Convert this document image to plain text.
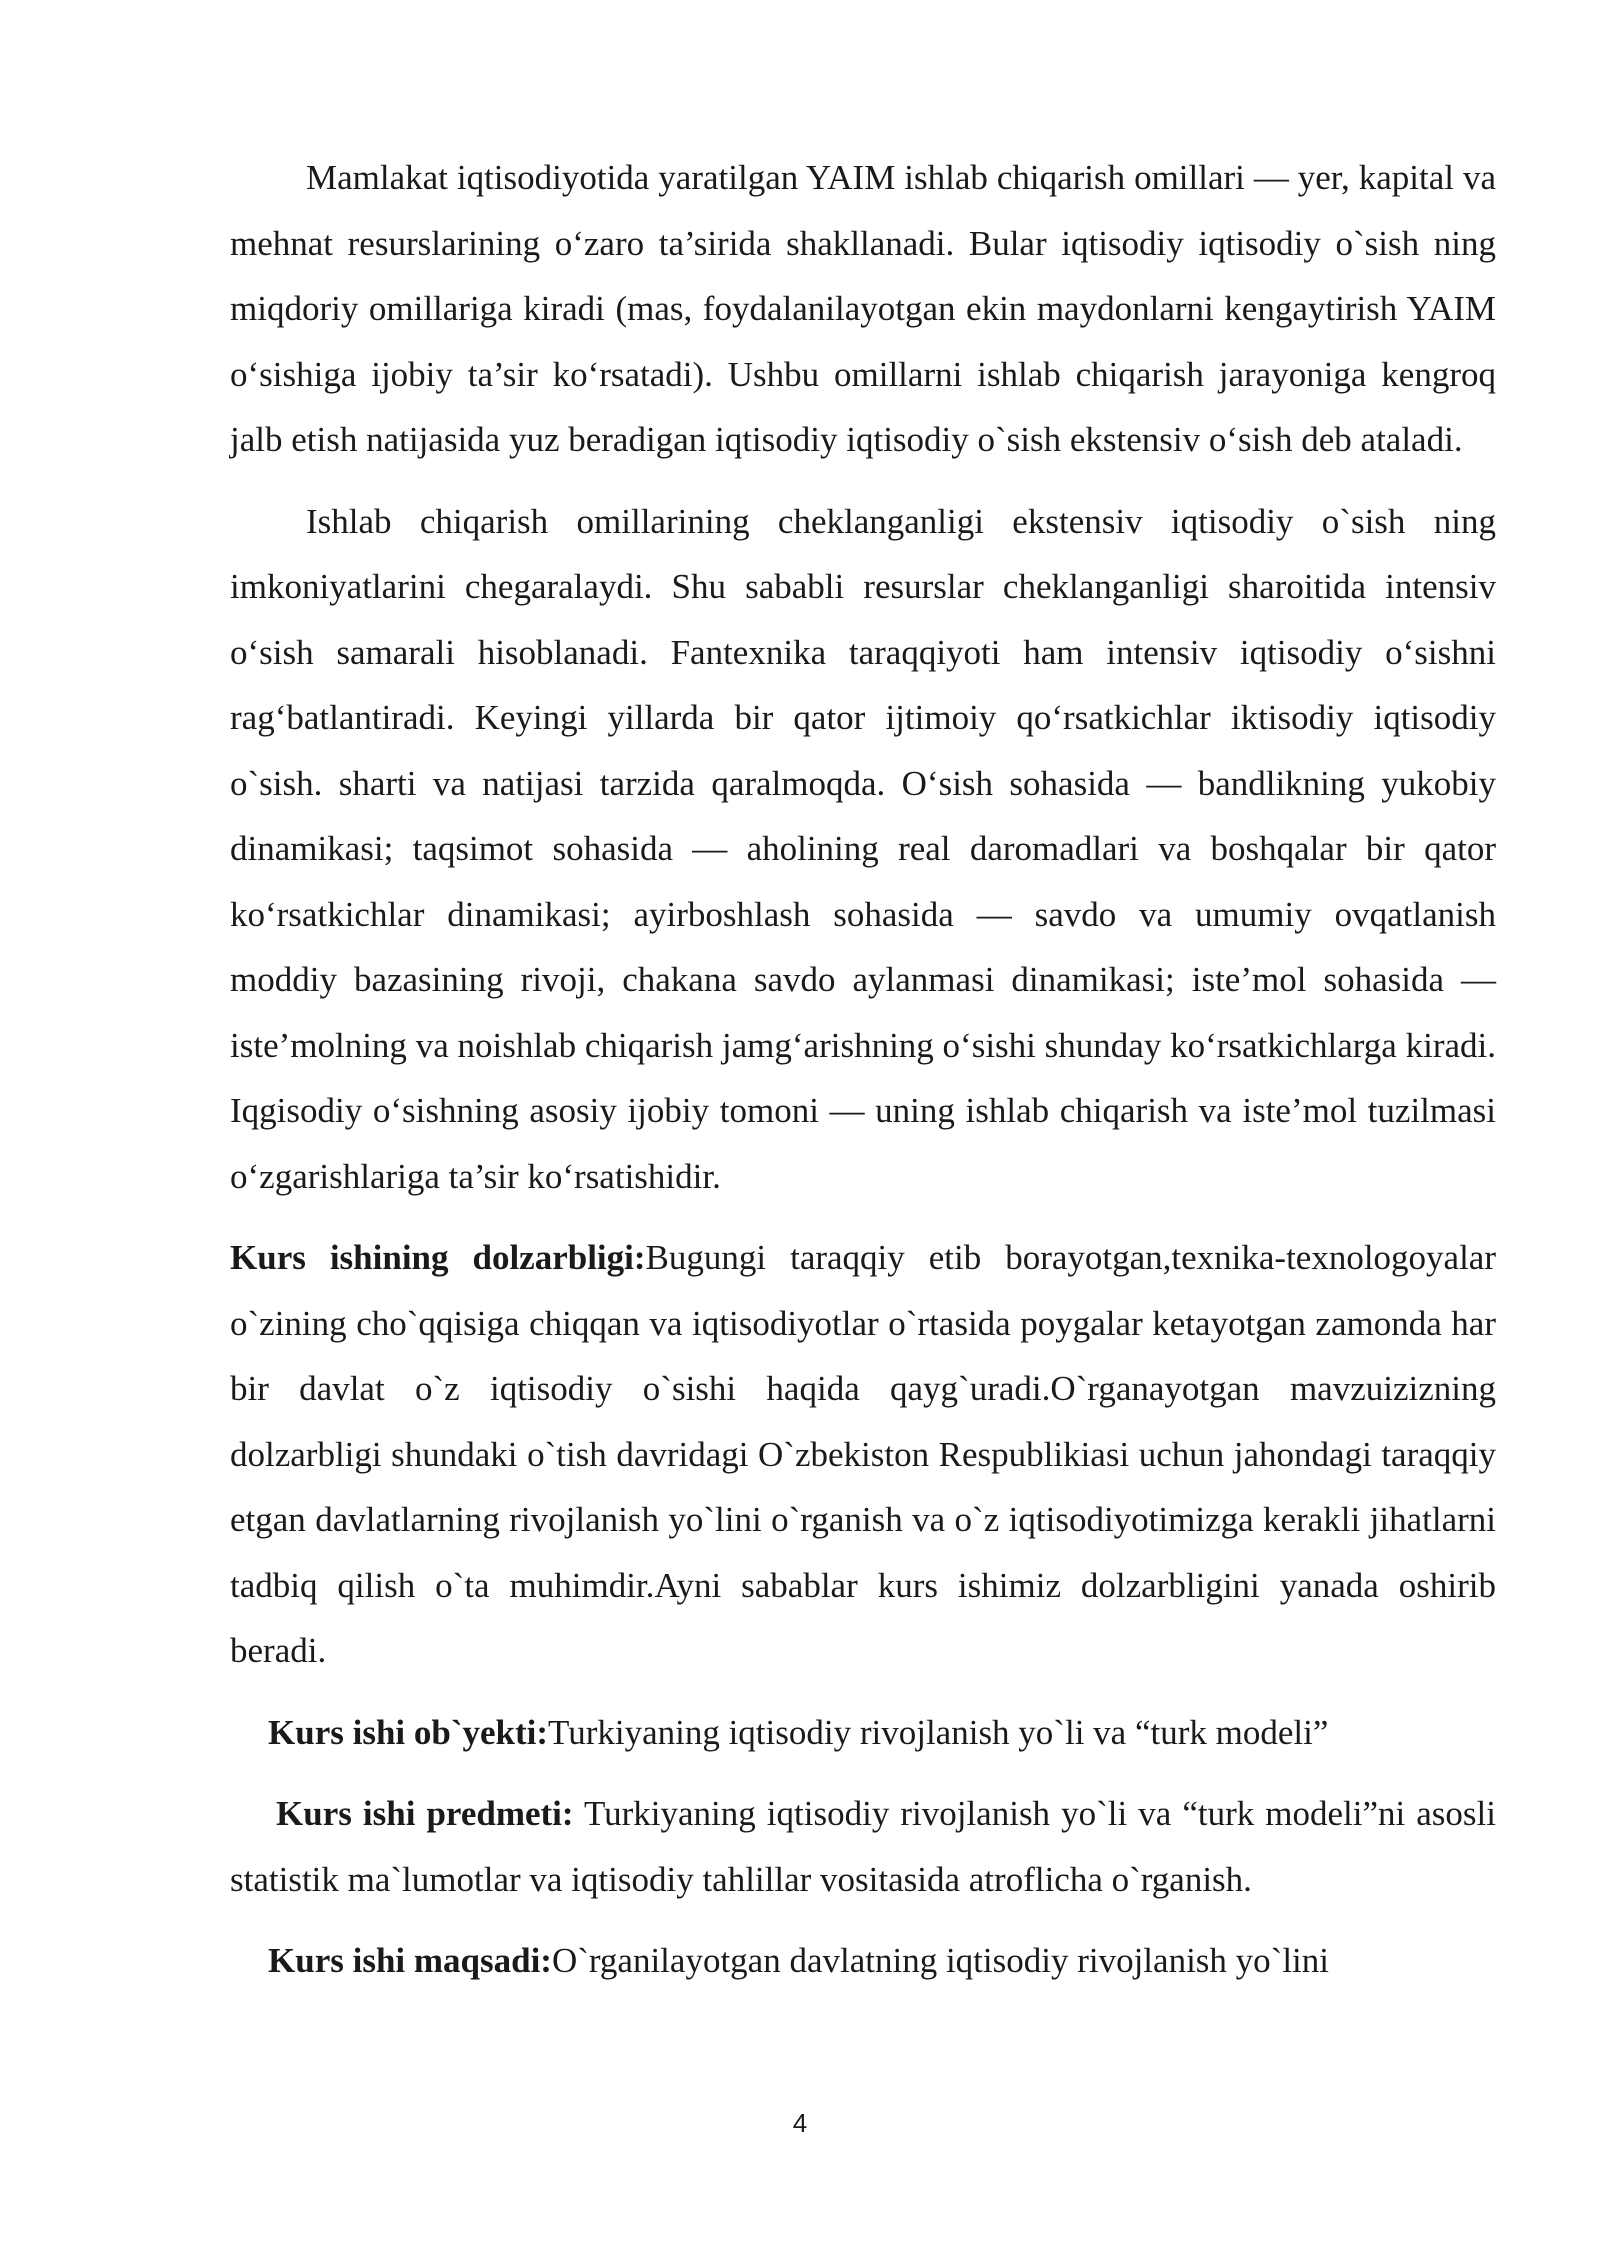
Mamlakat iqtisodiyotida yaratilgan YAIM ishlab chiqarish omillari — yer, kapital va mehnat resurslarining o‘zaro ta’sirida shakllanadi. Bular iqtisodiy iqtisodiy o`sish ning miqdoriy omillariga kiradi (mas, foydalanilayotgan ekin maydonlarni kengaytirish YAIM o‘sishiga ijobiy ta’sir ko‘rsatadi). Ushbu omillarni ishlab chiqarish jarayoniga kengroq jalb etish natijasida yuz beradigan iqtisodiy iqtisodiy o`sish ekstensiv o‘sish deb ataladi.

Ishlab chiqarish omillarining cheklanganligi ekstensiv iqtisodiy o`sish ning imkoniyatlarini chegaralaydi. Shu sababli resurslar cheklanganligi sharoitida intensiv o‘sish samarali hisoblanadi. Fantexnika taraqqiyoti ham intensiv iqtisodiy o‘sishni rag‘batlantiradi. Keyingi yillarda bir qator ijtimoiy qo‘rsatkichlar iktisodiy iqtisodiy o`sish. sharti va natijasi tarzida qaralmoqda. O‘sish sohasida — bandlikning yukobiy dinamikasi; taqsimot sohasida — aholining real daromadlari va boshqalar bir qator ko‘rsatkichlar dinamikasi; ayirboshlash sohasida — savdo va umumiy ovqatlanish moddiy bazasining rivoji, chakana savdo aylanmasi dinamikasi; iste’mol sohasida — iste’molning va noishlab chiqarish jamg‘arishning o‘sishi shunday ko‘rsatkichlarga kiradi. Iqgisodiy o‘sishning asosiy ijobiy tomoni — uning ishlab chiqarish va iste’mol tuzilmasi o‘zgarishlariga ta’sir ko‘rsatishidir.

Kurs ishining dolzarbligi:Bugungi taraqqiy etib borayotgan,texnika-texnologoyalar o`zining cho`qqisiga chiqqan va iqtisodiyotlar o`rtasida poygalar ketayotgan zamonda har bir davlat o`z iqtisodiy o`sishi haqida qayg`uradi.O`rganayotgan mavzuizizning dolzarbligi shundaki o`tish davridagi O`zbekiston Respublikiasi uchun jahondagi taraqqiy etgan davlatlarning rivojlanish yo`lini o`rganish va o`z iqtisodiyotimizga kerakli jihatlarni tadbiq qilish o`ta muhimdir.Ayni sabablar kurs ishimiz dolzarbligini yanada oshirib beradi.

Kurs ishi ob`yekti:Turkiyaning iqtisodiy rivojlanish yo`li va “turk modeli”

Kurs ishi predmeti: Turkiyaning iqtisodiy rivojlanish yo`li va “turk modeli”ni asosli statistik ma`lumotlar va iqtisodiy tahlillar vositasida atroflicha o`rganish.

Kurs ishi maqsadi:O`rganilayotgan davlatning iqtisodiy rivojlanish yo`lini

4
